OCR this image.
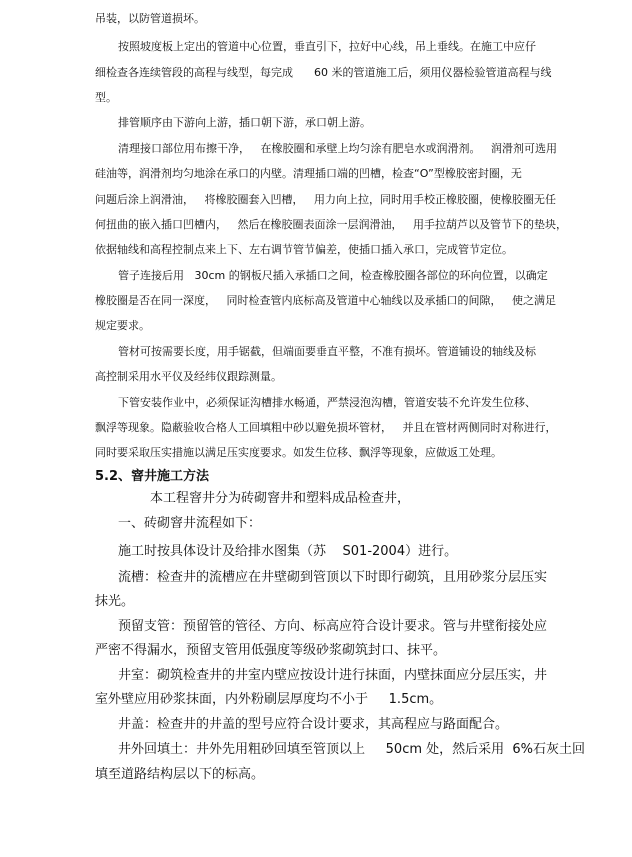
吊装，以防管道损坏。
按照坡度板上定出的管道中心位置，垂直引下，拉好中心线，吊上垂线。在施工中应仔
细检查各连续管段的高程与线型，每完成      60 米的管道施工后，须用仪器检验管道高程与线
型。
排管顺序由下游向上游，插口朝下游，承口朝上游。
清理接口部位用布擦干净，   在橡胶圈和承壁上均匀涂有肥皂水或润滑剂。   润滑剂可选用
硅油等，润滑剂均匀地涂在承口的内壁。清理插口端的凹槽，检查“O”型橡胶密封圈，无
问题后涂上润滑油，   将橡胶圈套入凹槽，   用力向上拉，同时用手校正橡胶圈，使橡胶圈无任
何扭曲的嵌入插口凹槽内，   然后在橡胶圈表面涂一层润滑油，   用手拉葫芦以及管节下的垫块，
依据轴线和高程控制点来上下、左右调节管节偏差，使插口插入承口，完成管节定位。
管子连接后用   30cm 的钢板尺插入承插口之间，检查橡胶圈各部位的环向位置，以确定
橡胶圈是否在同一深度，   同时检查管内底标高及管道中心轴线以及承插口的间隙，   使之满足
规定要求。
管材可按需要长度，用手锯截，但端面要垂直平整，不准有损坏。管道铺设的轴线及标
高控制采用水平仪及经纬仪跟踪测量。
下管安装作业中，必须保证沟槽排水畅通，严禁浸泡沟槽，管道安装不允许发生位移、
飘浮等现象。隐蔽验收合格人工回填粗中砂以避免损坏管材，   并且在管材两侧同时对称进行，
同时要采取压实措施以满足压实度要求。如发生位移、飘浮等现象，应做返工处理。
5.2、窨井施工方法
本工程窨井分为砖砌窨井和塑料成品检查井，
一、砖砌窨井流程如下：
施工时按具体设计及给排水图集（苏    S01-2004）进行。
流槽：检查井的流槽应在井壁砌到管顶以下时即行砌筑，且用砂浆分层压实
抹光。
预留支管：预留管的管径、方向、标高应符合设计要求。管与井壁衔接处应
严密不得漏水，预留支管用低强度等级砂浆砌筑封口、抹平。
井室：砌筑检查井的井室内壁应按设计进行抹面，内壁抹面应分层压实，井
室外壁应用砂浆抹面，内外粉刷层厚度均不小于     1.5cm。
井盖：检查井的井盖的型号应符合设计要求，其高程应与路面配合。
井外回填土：井外先用粗砂回填至管顶以上     50cm 处，然后采用  6%石灰土回
填至道路结构层以下的标高。
